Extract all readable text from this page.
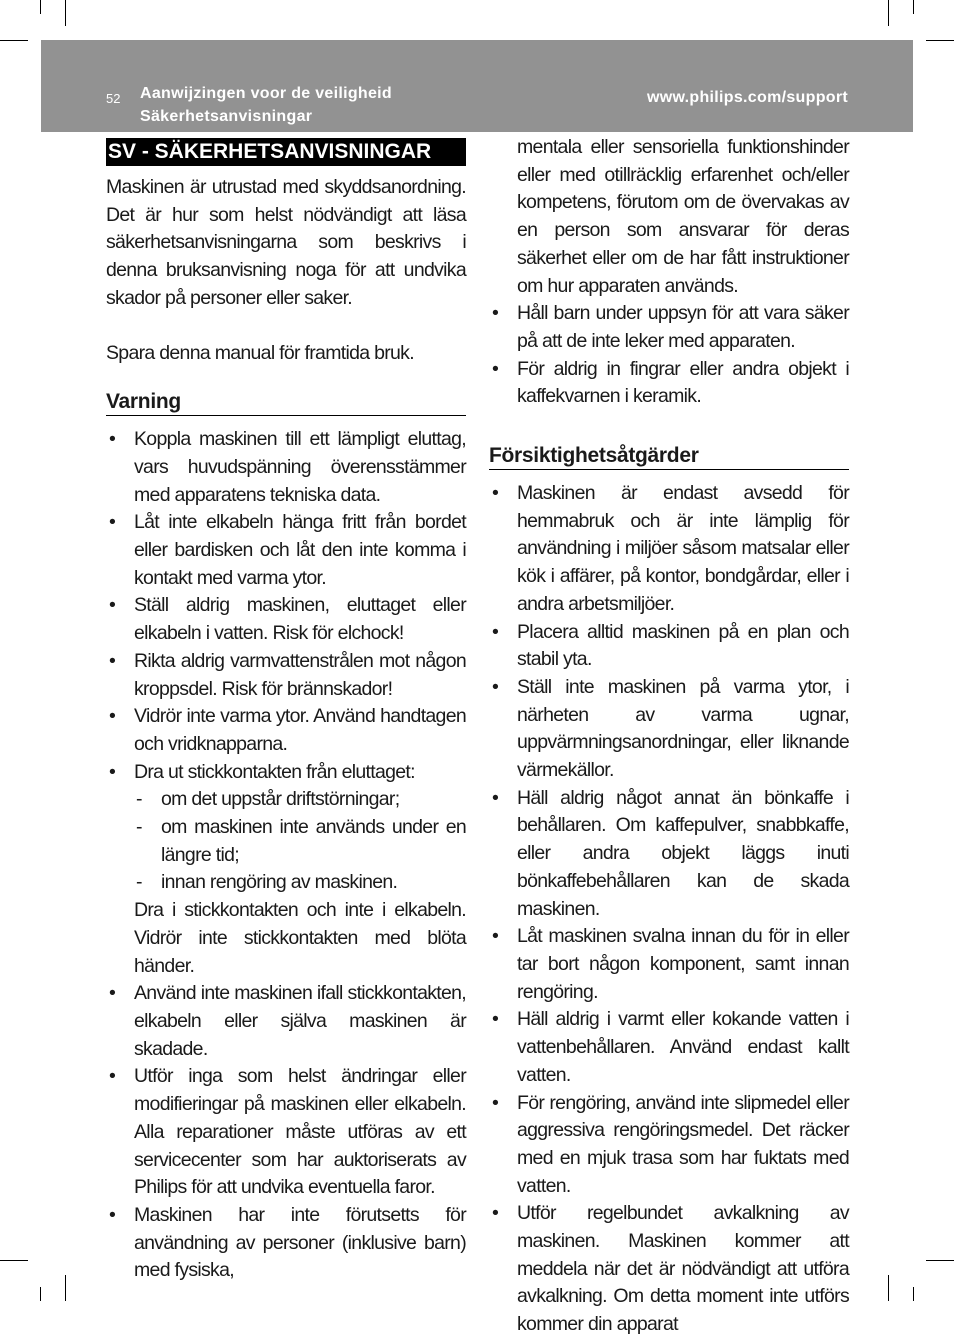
52 Aanwijzingen voor de veiligheid
Säkerhetsanvisningar
www.philips.com/support
SV - SÄKERHETSANVISNINGAR

Maskinen är utrustad med skyddsanordning. Det är hur som helst nödvändigt att läsa säkerhetsanvisningarna som beskrivs i denna bruksanvisning noga för att undvika skador på personer eller saker.

Spara denna manual för framtida bruk.

Varning
• Koppla maskinen till ett lämpligt eluttag, vars huvudspänning överensstämmer med apparatens tekniska data.
• Låt inte elkabeln hänga fritt från bordet eller bardisken och låt den inte komma i kontakt med varma ytor.
• Ställ aldrig maskinen, eluttaget eller elkabeln i vatten. Risk för elchock!
• Rikta aldrig varmvattenstrålen mot någon kroppsdel. Risk för brännskador!
• Vidrör inte varma ytor. Använd handtagen och vridknapparna.
• Dra ut stickkontakten från eluttaget:
- om det uppstår driftstörningar;
- om maskinen inte används under en längre tid;
- innan rengöring av maskinen.
Dra i stickkontakten och inte i elkabeln. Vidrör inte stickkontakten med blöta händer.
• Använd inte maskinen ifall stickkontakten, elkabeln eller själva maskinen är skadade.
• Utför inga som helst ändringar eller modifieringar på maskinen eller elkabeln. Alla reparationer måste utföras av ett servicecenter som har auktoriserats av Philips för att undvika eventuella faror.
• Maskinen har inte förutsetts för användning av personer (inklusive barn) med fysiska,
mentala eller sensoriella funktionshinder eller med otillräcklig erfarenhet och/eller kompetens, förutom om de övervakas av en person som ansvarar för deras säkerhet eller om de har fått instruktioner om hur apparaten används.
• Håll barn under uppsyn för att vara säker på att de inte leker med apparaten.
• För aldrig in fingrar eller andra objekt i kaffekvarnen i keramik.
Försiktighetsåtgärder
• Maskinen är endast avsedd för hemmabruk och är inte lämplig för användning i miljöer såsom matsalar eller kök i affärer, på kontor, bondgårdar, eller i andra arbetsmiljöer.
• Placera alltid maskinen på en plan och stabil yta.
• Ställ inte maskinen på varma ytor, i närheten av varma ugnar, uppvärmningsanordningar, eller liknande värmekällor.
• Häll aldrig något annat än bönkaffe i behållaren. Om kaffepulver, snabbkaffe, eller andra objekt läggs inuti bönkaffebehållaren kan de skada maskinen.
• Låt maskinen svalna innan du för in eller tar bort någon komponent, samt innan rengöring.
• Häll aldrig i varmt eller kokande vatten i vattenbehållaren. Använd endast kallt vatten.
• För rengöring, använd inte slipmedel eller aggressiva rengöringsmedel. Det räcker med en mjuk trasa som har fuktats med vatten.
• Utför regelbundet avkalkning av maskinen. Maskinen kommer att meddela när det är nödvändigt att utföra avkalkning. Om detta moment inte utförs kommer din apparat
